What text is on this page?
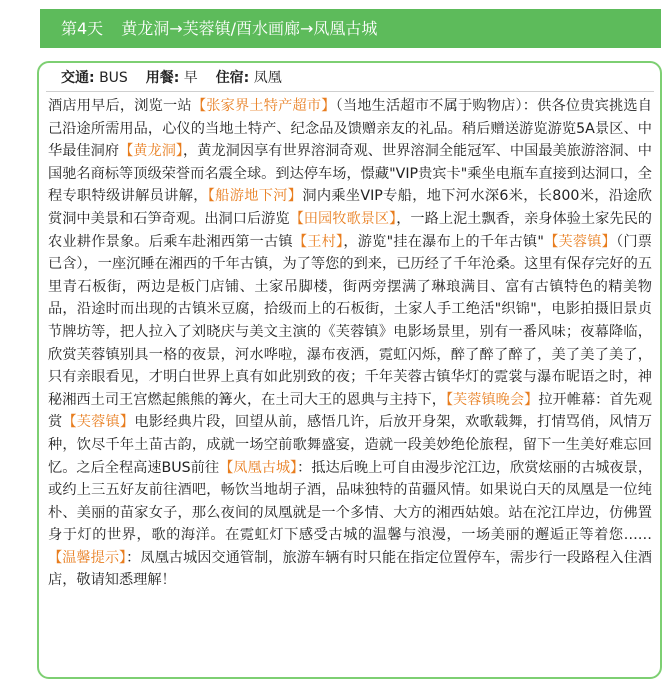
第4天 黄龙洞→芙蓉镇/酉水画廊→凤凰古城
交通: BUS 用餐: 早 住宿: 凤凰

酒店用早后，浏览一站【张家界土特产超市】（当地生活超市不属于购物店）：供各位贵宾挑选自己沿途所需用品，心仪的当地土特产、纪念品及馈赠亲友的礼品。稍后赠送游览游览5A景区、中华最佳洞府【黄龙洞】，黄龙洞因享有世界溶洞奇观、世界溶洞全能冠军、中国最美旅游溶洞、中国驰名商标等顶级荣誉而名震全球。到达停车场，憬藏"VIP贵宾卡"乘坐电瓶车直接到达洞口，全程专职特级讲解员讲解，【船游地下河】洞内乘坐VIP专船，地下河水深6米，长800米，沿途欣赏洞中美景和石笋奇观。出洞口后游览【田园牧歌景区】，一路上泥土飘香，亲身体验土家先民的农业耕作景象。后乘车赴湘西第一古镇【王村】，游览"挂在瀑布上的千年古镇"【芙蓉镇】（门票已含），一座沉睡在湘西的千年古镇，为了等您的到来，已历经了千年沧桑。这里有保存完好的五里青石板街，两边是板门店铺、土家吊脚楼，街两旁摆满了琳琅满目、富有古镇特色的精美物品，沿途时而出现的古镇米豆腐，拾级而上的石板街，土家人手工绝活"织锦"，电影拍摄旧景贞节牌坊等，把人拉入了刘晓庆与美文主演的《芙蓉镇》电影场景里，别有一番风味；夜幕降临，欣赏芙蓉镇别具一格的夜景，河水哗啦，瀑布夜洒，霓虹闪烁，醉了醉了醉了，美了美了美了，只有亲眼看见，才明白世界上真有如此别致的夜；千年芙蓉古镇华灯的霓裳与瀑布昵语之时，神秘湘西土司王宫燃起熊熊的篝火，在土司大王的恩典与主持下，【芙蓉镇晚会】拉开帷幕：首先观赏【芙蓉镇】电影经典片段，回望从前，感悟几许，后放开身架，欢歌载舞，打情骂俏，风情万种，饮尽千年土苗古韵，成就一场空前歌舞盛宴，造就一段美妙绝伦旅程，留下一生美好难忘回忆。之后全程高速BUS前往【凤凰古城】：抵达后晚上可自由漫步沱江边，欣赏炫丽的古城夜景，或约上三五好友前往酒吧，畅饮当地胡子酒，品味独特的苗疆风情。如果说白天的凤凰是一位纯朴、美丽的苗家女子，那么夜间的凤凰就是一个多情、大方的湘西姑娘。站在沱江岸边，仿佛置身于灯的世界，歌的海洋。在霓虹灯下感受古城的温馨与浪漫，一场美丽的邂逅正等着您……【温馨提示】：凤凰古城因交通管制，旅游车辆有时只能在指定位置停车，需步行一段路程入住酒店，敬请知悉理解！
